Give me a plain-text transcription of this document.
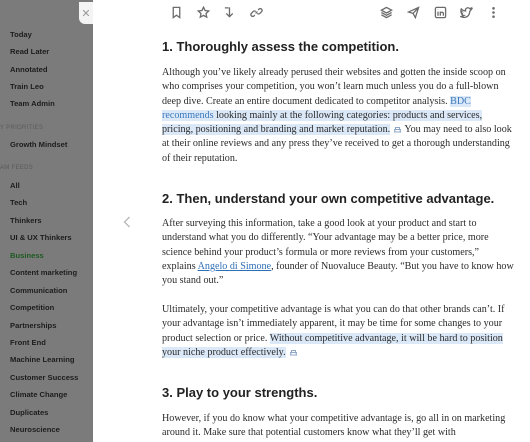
Today
Read Later
Annotated
Train Leo
Team Admin
Y PRIORITIES
Growth Mindset
AM FEEDS
All
Tech
Thinkers
UI & UX Thinkers
Business
Content marketing
Communication
Competition
Partnerships
Front End
Machine Learning
Customer Success
Climate Change
Duplicates
Neuroscience
✕
1. Thoroughly assess the competition.
Although you’ve likely already perused their websites and gotten the inside scoop on who comprises your competition, you won’t learn much unless you do a full-blown deep dive. Create an entire document dedicated to competitor analysis. BDC recommends looking mainly at the following categories: products and services, pricing, positioning and branding and market reputation. You may need to also look at their online reviews and any press they’ve received to get a thorough understanding of their reputation.
2. Then, understand your own competitive advantage.
After surveying this information, take a good look at your product and start to understand what you do differently. “Your advantage may be a better price, more science behind your product’s formula or more reviews from your customers,” explains Angelo di Simone, founder of Nuovaluce Beauty. “But you have to know how you stand out.”
Ultimately, your competitive advantage is what you can do that other brands can’t. If your advantage isn’t immediately apparent, it may be time for some changes to your product selection or price. Without competitive advantage, it will be hard to position your niche product effectively.
3. Play to your strengths.
However, if you do know what your competitive advantage is, go all in on marketing around it. Make sure that potential customers know what they’ll get with
